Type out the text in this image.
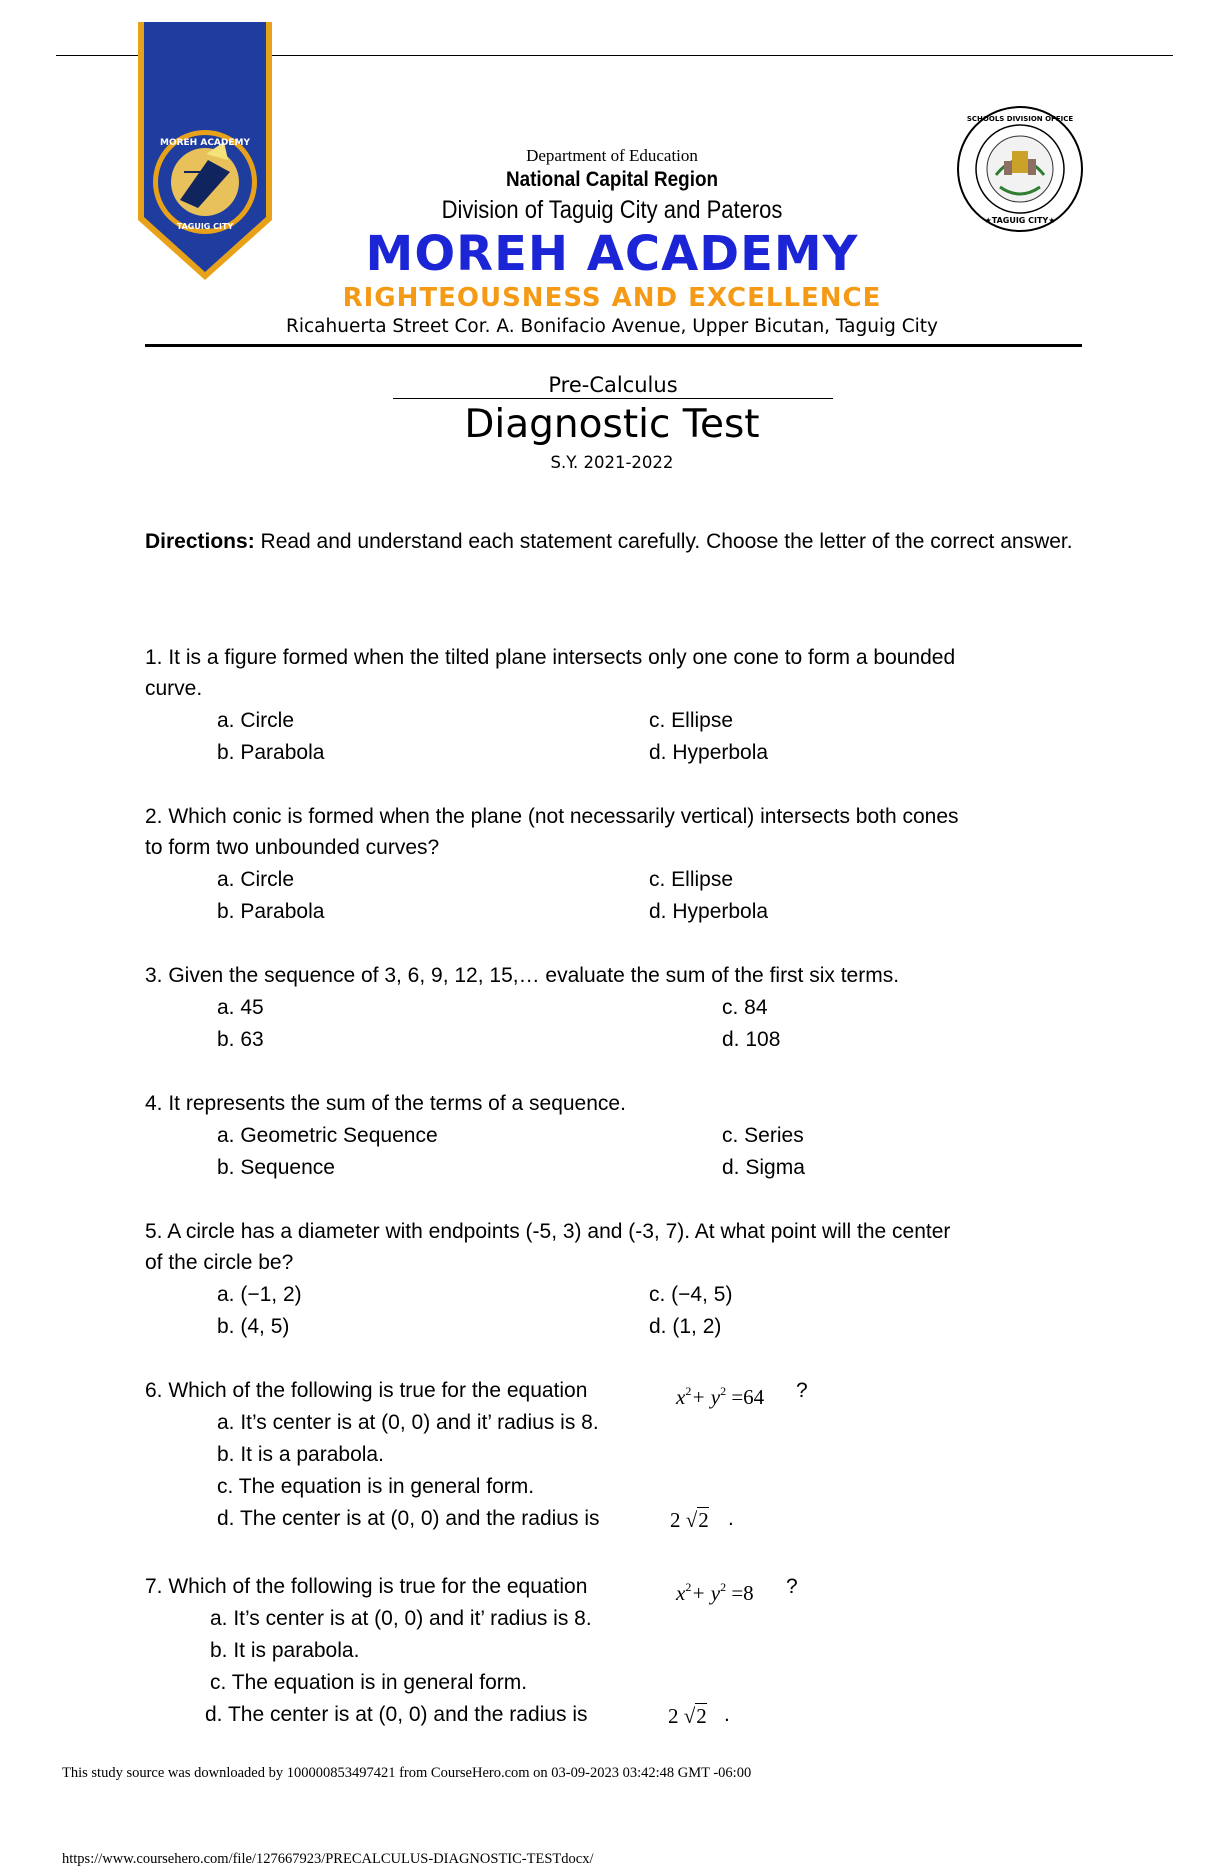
MOREH ACADEMY
TAGUIG CITY
SCHOOLS DIVISION OFFICE
★TAGUIG CITY★
Department of Education
National Capital Region
Division of Taguig City and Pateros
MOREH ACADEMY
RIGHTEOUSNESS AND EXCELLENCE
Ricahuerta Street Cor. A. Bonifacio Avenue, Upper Bicutan, Taguig City
Pre-Calculus
Diagnostic Test
S.Y. 2021-2022
Directions: Read and understand each statement carefully. Choose the letter of the correct answer.
1. It is a figure formed when the tilted plane intersects only one cone to form a bounded
curve.
a. Circle	c. Ellipse
b. Parabola	d. Hyperbola
2. Which conic is formed when the plane (not necessarily vertical) intersects both cones
to form two unbounded curves?
a. Circle	c. Ellipse
b. Parabola	d. Hyperbola
3. Given the sequence of 3, 6, 9, 12, 15,… evaluate the sum of the first six terms.
a. 45	c. 84
b. 63	d. 108
4. It represents the sum of the terms of a sequence.
a. Geometric Sequence	c. Series
b. Sequence	d. Sigma
5. A circle has a diameter with endpoints (-5, 3) and (-3, 7). At what point will the center
of the circle be?
a. (−1, 2)	c. (−4, 5)
b. (4, 5)	d. (1, 2)
6. Which of the following is true for the equation	$x^2+ y^2 =64$ ?
a. It’s center is at (0, 0) and it’ radius is 8.
b. It is a parabola.
c. The equation is in general form.
d. The center is at (0, 0) and the radius is	2 √2 .
7. Which of the following is true for the equation	$x^2+ y^2 =8$ ?
a. It’s center is at (0, 0) and it’ radius is 8.
b. It is parabola.
c. The equation is in general form.
d. The center is at (0, 0) and the radius is	2 √2 .
This study source was downloaded by 100000853497421 from CourseHero.com on 03-09-2023 03:42:48 GMT -06:00
https://www.coursehero.com/file/127667923/PRECALCULUS-DIAGNOSTIC-TESTdocx/
